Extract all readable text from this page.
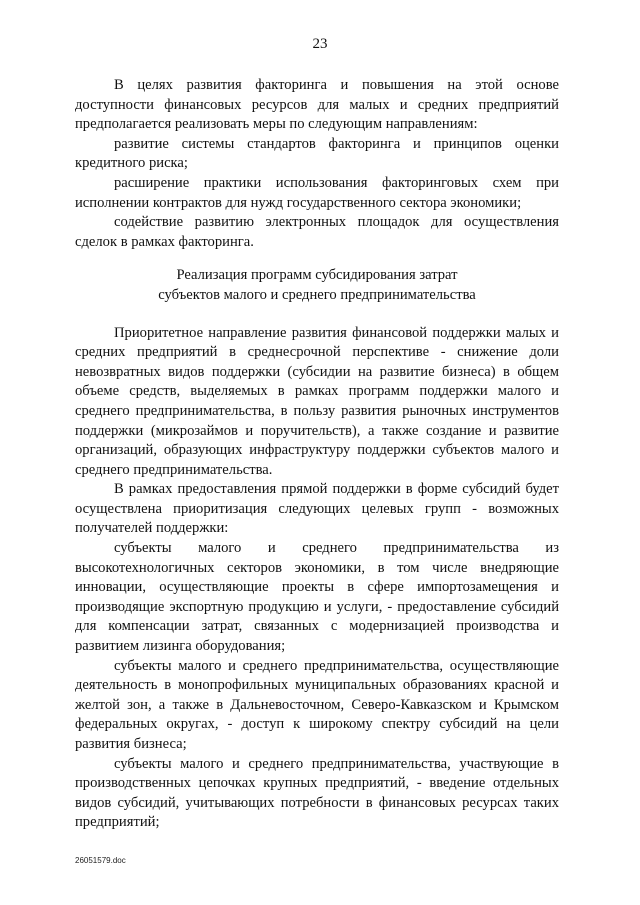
23

В целях развития факторинга и повышения на этой основе доступности финансовых ресурсов для малых и средних предприятий предполагается реализовать меры по следующим направлениям:

развитие системы стандартов факторинга и принципов оценки кредитного риска;

расширение практики использования факторинговых схем при исполнении контрактов для нужд государственного сектора экономики;

содействие развитию электронных площадок для осуществления сделок в рамках факторинга.

Реализация программ субсидирования затрат
субъектов малого и среднего предпринимательства

Приоритетное направление развития финансовой поддержки малых и средних предприятий в среднесрочной перспективе - снижение доли невозвратных видов поддержки (субсидии на развитие бизнеса) в общем объеме средств, выделяемых в рамках программ поддержки малого и среднего предпринимательства, в пользу развития рыночных инструментов поддержки (микрозаймов и поручительств), а также создание и развитие организаций, образующих инфраструктуру поддержки субъектов малого и среднего предпринимательства.

В рамках предоставления прямой поддержки в форме субсидий будет осуществлена приоритизация следующих целевых групп - возможных получателей поддержки:

субъекты малого и среднего предпринимательства из высокотехнологичных секторов экономики, в том числе внедряющие инновации, осуществляющие проекты в сфере импортозамещения и производящие экспортную продукцию и услуги, - предоставление субсидий для компенсации затрат, связанных с модернизацией производства и развитием лизинга оборудования;

субъекты малого и среднего предпринимательства, осуществляющие деятельность в монопрофильных муниципальных образованиях красной и желтой зон, а также в Дальневосточном, Северо-Кавказском и Крымском федеральных округах, - доступ к широкому спектру субсидий на цели развития бизнеса;

субъекты малого и среднего предпринимательства, участвующие в производственных цепочках крупных предприятий, - введение отдельных видов субсидий, учитывающих потребности в финансовых ресурсах таких предприятий;

26051579.doc
